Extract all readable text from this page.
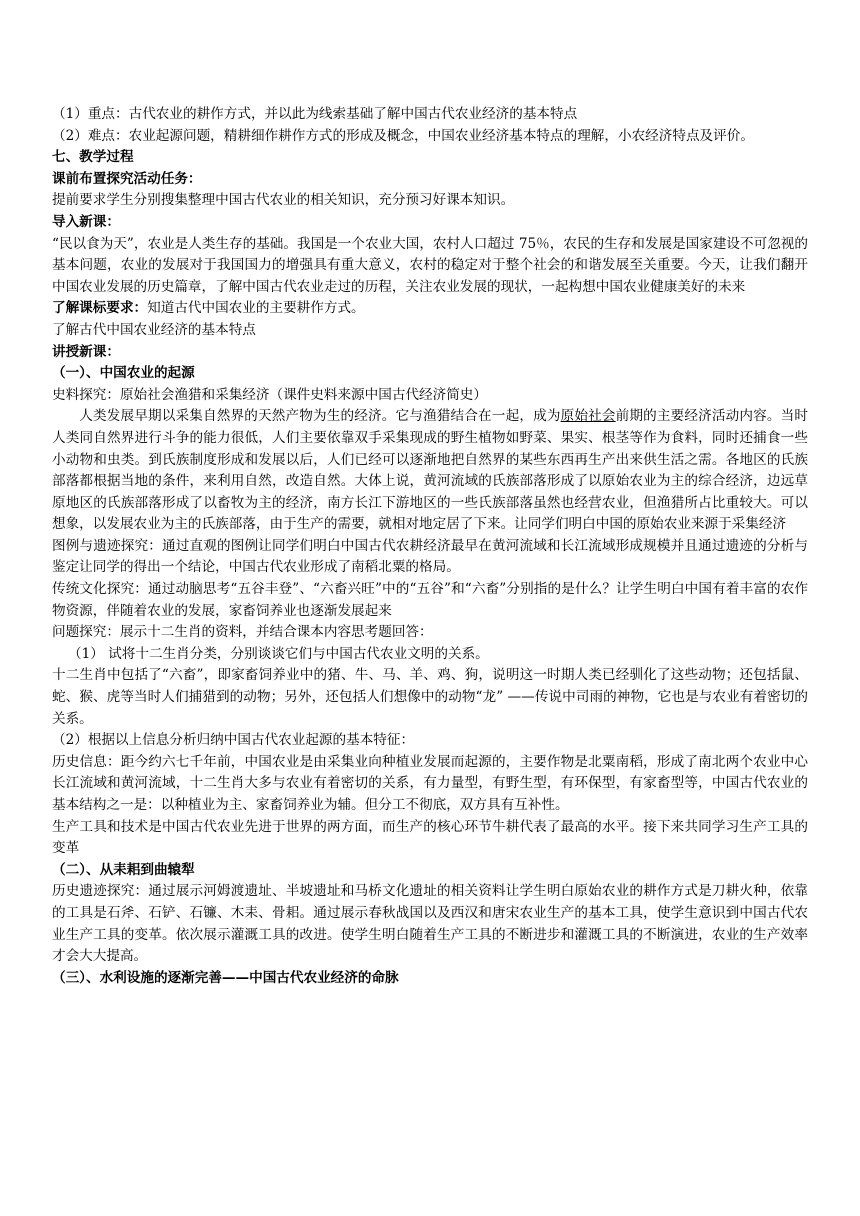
（1）重点：古代农业的耕作方式，并以此为线索基础了解中国古代农业经济的基本特点

（2）难点：农业起源问题，精耕细作耕作方式的形成及概念，中国农业经济基本特点的理解，小农经济特点及评价。

七、教学过程

课前布置探究活动任务：

提前要求学生分别搜集整理中国古代农业的相关知识，充分预习好课本知识。

导入新课：

“民以食为天”，农业是人类生存的基础。我国是一个农业大国，农村人口超过 75％，农民的生存和发展是国家建设不可忽视的基本问题，农业的发展对于我国国力的增强具有重大意义，农村的稳定对于整个社会的和谐发展至关重要。今天，让我们翻开中国农业发展的历史篇章，了解中国古代农业走过的历程，关注农业发展的现状，一起构想中国农业健康美好的未来

了解课标要求：知道古代中国农业的主要耕作方式。

了解古代中国农业经济的基本特点

讲授新课：

（一）、中国农业的起源

史料探究：原始社会渔猎和采集经济（课件史料来源中国古代经济简史）

人类发展早期以采集自然界的天然产物为生的经济。它与渔猎结合在一起，成为原始社会前期的主要经济活动内容。当时人类同自然界进行斗争的能力很低，人们主要依靠双手采集现成的野生植物如野菜、果实、根茎等作为食料，同时还捕食一些小动物和虫类。到氏族制度形成和发展以后，人们已经可以逐渐地把自然界的某些东西再生产出来供生活之需。各地区的氏族部落都根据当地的条件，来利用自然，改造自然。大体上说，黄河流域的氏族部落形成了以原始农业为主的综合经济，边远草原地区的氏族部落形成了以畜牧为主的经济，南方长江下游地区的一些氏族部落虽然也经营农业，但渔猎所占比重较大。可以想象，以发展农业为主的氏族部落，由于生产的需要，就相对地定居了下来。让同学们明白中国的原始农业来源于采集经济

图例与遗迹探究：通过直观的图例让同学们明白中国古代农耕经济最早在黄河流域和长江流域形成规模并且通过遗迹的分析与鉴定让同学的得出一个结论，中国古代农业形成了南稻北粟的格局。

传统文化探究：通过动脑思考“五谷丰登”、“六畜兴旺”中的“五谷”和“六畜”分别指的是什么？让学生明白中国有着丰富的农作物资源，伴随着农业的发展，家畜饲养业也逐渐发展起来

问题探究：展示十二生肖的资料，并结合课本内容思考题回答：

（1） 试将十二生肖分类，分别谈谈它们与中国古代农业文明的关系。

十二生肖中包括了“六畜”，即家畜饲养业中的猪、牛、马、羊、鸡、狗，说明这一时期人类已经驯化了这些动物；还包括鼠、蛇、猴、虎等当时人们捕猎到的动物；另外，还包括人们想像中的动物“龙” ——传说中司雨的神物，它也是与农业有着密切的关系。

（2）根据以上信息分析归纳中国古代农业起源的基本特征：

历史信息：距今约六七千年前，中国农业是由采集业向种植业发展而起源的，主要作物是北粟南稻，形成了南北两个农业中心长江流域和黄河流域，十二生肖大多与农业有着密切的关系，有力量型，有野生型，有环保型，有家畜型等，中国古代农业的基本结构之一是：以种植业为主、家畜饲养业为辅。但分工不彻底，双方具有互补性。

生产工具和技术是中国古代农业先进于世界的两方面，而生产的核心环节牛耕代表了最高的水平。接下来共同学习生产工具的变革

（二）、从耒耜到曲辕犁

历史遗迹探究：通过展示河姆渡遗址、半坡遗址和马桥文化遗址的相关资料让学生明白原始农业的耕作方式是刀耕火种，依靠的工具是石斧、石铲、石镰、木耒、骨耜。通过展示春秋战国以及西汉和唐宋农业生产的基本工具，使学生意识到中国古代农业生产工具的变革。依次展示灌溉工具的改进。使学生明白随着生产工具的不断进步和灌溉工具的不断演进，农业的生产效率才会大大提高。

（三）、水利设施的逐渐完善——中国古代农业经济的命脉
